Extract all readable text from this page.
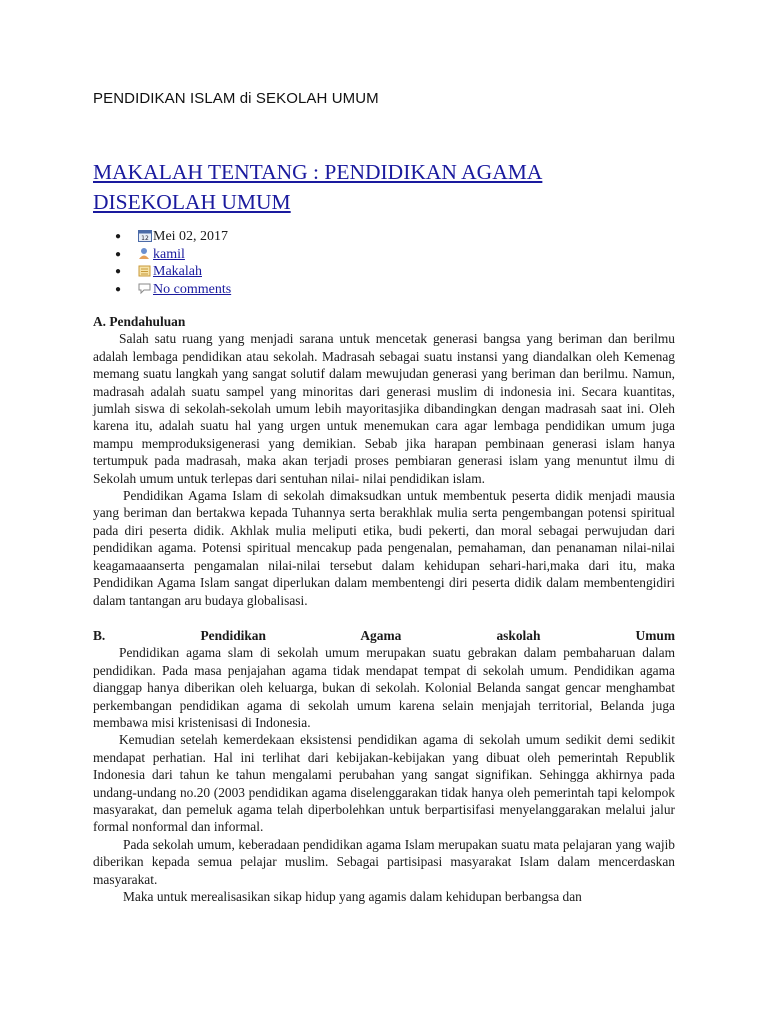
PENDIDIKAN ISLAM di SEKOLAH UMUM
MAKALAH TENTANG : PENDIDIKAN AGAMA DISEKOLAH UMUM
●	12 Mei 02, 2017
● kamil
● Makalah
● No comments

A. Pendahuluan

Salah satu ruang yang menjadi sarana untuk mencetak generasi bangsa yang beriman dan berilmu adalah lembaga pendidikan atau sekolah. Madrasah sebagai suatu instansi yang diandalkan oleh Kemenag memang suatu langkah yang sangat solutif dalam mewujudan generasi yang beriman dan berilmu. Namun, madrasah adalah suatu sampel yang minoritas dari generasi muslim di indonesia ini. Secara kuantitas, jumlah siswa di sekolah-sekolah umum lebih mayoritasjika dibandingkan dengan madrasah saat ini. Oleh karena itu, adalah suatu hal yang urgen untuk menemukan cara agar lembaga pendidikan umum juga mampu memproduksigenerasi yang demikian. Sebab jika harapan pembinaan generasi islam hanya tertumpuk pada madrasah, maka akan terjadi proses pembiaran generasi islam yang menuntut ilmu di Sekolah umum untuk terlepas dari sentuhan nilai- nilai pendidikan islam.

Pendidikan Agama Islam di sekolah dimaksudkan untuk membentuk peserta didik menjadi mausia yang beriman dan bertakwa kepada Tuhannya serta berakhlak mulia serta pengembangan potensi spiritual pada diri peserta didik. Akhlak mulia meliputi etika, budi pekerti, dan moral sebagai perwujudan dari pendidikan agama. Potensi spiritual mencakup pada pengenalan, pemahaman, dan penanaman nilai-nilai keagamaaanserta pengamalan nilai-nilai tersebut dalam kehidupan sehari-hari,maka dari itu, maka Pendidikan Agama Islam sangat diperlukan dalam membentengi diri peserta didik dalam membentengidiri dalam tantangan aru budaya globalisasi.

B. Pendidikan Agama askolah Umum

Pendidikan agama slam di sekolah umum merupakan suatu gebrakan dalam pembaharuan dalam pendidikan. Pada masa penjajahan agama tidak mendapat tempat di sekolah umum. Pendidikan agama dianggap hanya diberikan oleh keluarga, bukan di sekolah. Kolonial Belanda sangat gencar menghambat perkembangan pendidikan agama di sekolah umum karena selain menjajah territorial, Belanda juga membawa misi kristenisasi di Indonesia.

Kemudian setelah kemerdekaan eksistensi pendidikan agama di sekolah umum sedikit demi sedikit mendapat perhatian. Hal ini terlihat dari kebijakan-kebijakan yang dibuat oleh pemerintah Republik Indonesia dari tahun ke tahun mengalami perubahan yang sangat signifikan. Sehingga akhirnya pada undang-undang no.20 (2003 pendidikan agama diselenggarakan tidak hanya oleh pemerintah tapi kelompok masyarakat, dan pemeluk agama telah diperbolehkan untuk berpartisifasi menyelanggarakan melalui jalur formal nonformal dan informal.

Pada sekolah umum, keberadaan pendidikan agama Islam merupakan suatu mata pelajaran yang wajib diberikan kepada semua pelajar muslim. Sebagai partisipasi masyarakat Islam dalam mencerdaskan masyarakat.

Maka untuk merealisasikan sikap hidup yang agamis dalam kehidupan berbangsa dan
